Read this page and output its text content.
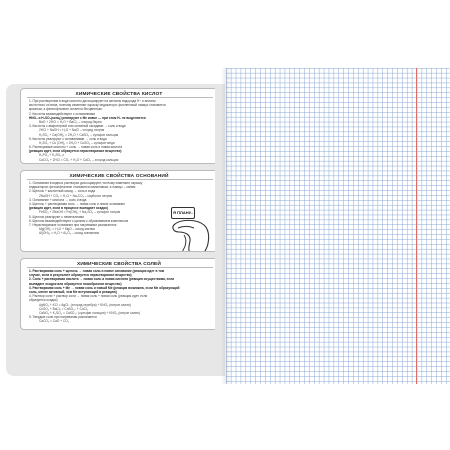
ХИМИЧЕСКИЕ СВОЙСТВА КИСЛОТ
1. При растворении в воде кислоты диссоциируют на катионы водорода H⁺ и анионы
кислотного остатка, поэтому изменяют окраску индикатора: фиолетовый лакмус становится
красным, а фенолфталеин остается бесцветным.
2. Кислоты взаимодействуют с основаниями
HNO₃ и H₂SO₄(конц.) реагируют с Me иначе — при этом H₂ не выделяется
BaO + 2HCl = H₂O + BaCl₂ – хлорид бария
3. Кислоты с амфотерной или основной оксидами → соль и вода
2HCl + NaOH = H₂O + NaCl – хлорид натрия
H₂SO₄ + Ca(OH)₂ = 2H₂O + CaSO₄ – сульфат кальция
5. Кислоты реагируют с основаниями → соль и вода
H₂SO₄ + Cu (OH)₂ = 2H₂O + CuSO₄ – сульфат меди
6. Растворимые кислоты + соль → новая соль и новая кислота
(реакция идет, если образуется нерастворимое вещество)
H₃PO₄ + K₂SO₄ ≠
CaCO₃ + 2HCl = CO₂ + H₂O + CaCl₂ – хлорид кальция
ХИМИЧЕСКИЕ СВОЙСТВА ОСНОВАНИЙ
1. Основания в водных растворах диссоциируют, поэтому изменяют окраску
индикаторов: фенолфталеин становится малиновым, а лакмус – синим
2. Щелочь + кислотный оксид → соль и вода
2NaOH + CO₂ = H₂O + Na₂CO₃ – карбонат натрия
3. Основание + кислота → соль и вода
4. Щелочь + растворимая соль → новая соль и новое основание
(реакция идет, если в процессе выпадает осадок)
FeSO₄ + 2NaOH = Fe(OH)₂ + Na₂SO₄ – сульфат натрия
5. Щелочи реагируют с неметаллами
6. Щелочи взаимодействуют с цинком с образованием комплексов
7. Нерастворимые основания при нагревании разлагаются
Mg(OH)₂ = H₂O + MgO – оксид магния
Al(OH)₃ = H₂O + Al₂O₃ – оксид алюминия
Я ПЛАНУ..
ХИМИЧЕСКИЕ СВОЙСТВА СОЛЕЙ
1. Растворимая соль + щелочь → новая соль и новое основание (реакция идет в том
случае, если в результате образуется нерастворимое вещество)
2. Соль + растворимая кислота → новая соль и новая кислота (реакция осуществима, если
выпадает осадок или образуется газообразное вещество)
3. Растворимая соль + Me → новая соль и новый Me (реакция возможна, если Me образующий
соль, менее активный, чем Me вступающий в реакцию)
4. Раствор соли + раствор соли → новая соль + новая соль (реакция идет, если
образуется осадок)
AgNO₃ + KCl = AgCl↓ (хлорид серебра) + KNO₃ (нитрат калия)
CuSO₄ + BaCl₂ = CaSO₄↓ + CuCl₂
CaNO₃ + K₂SO₄ = CaSO₄↓ (сульфат кальция) + KNO₃ (нитрат калия)
5. Твердые соли при нагревании разлагаются
CaCO₃ = CaO + CO₂
